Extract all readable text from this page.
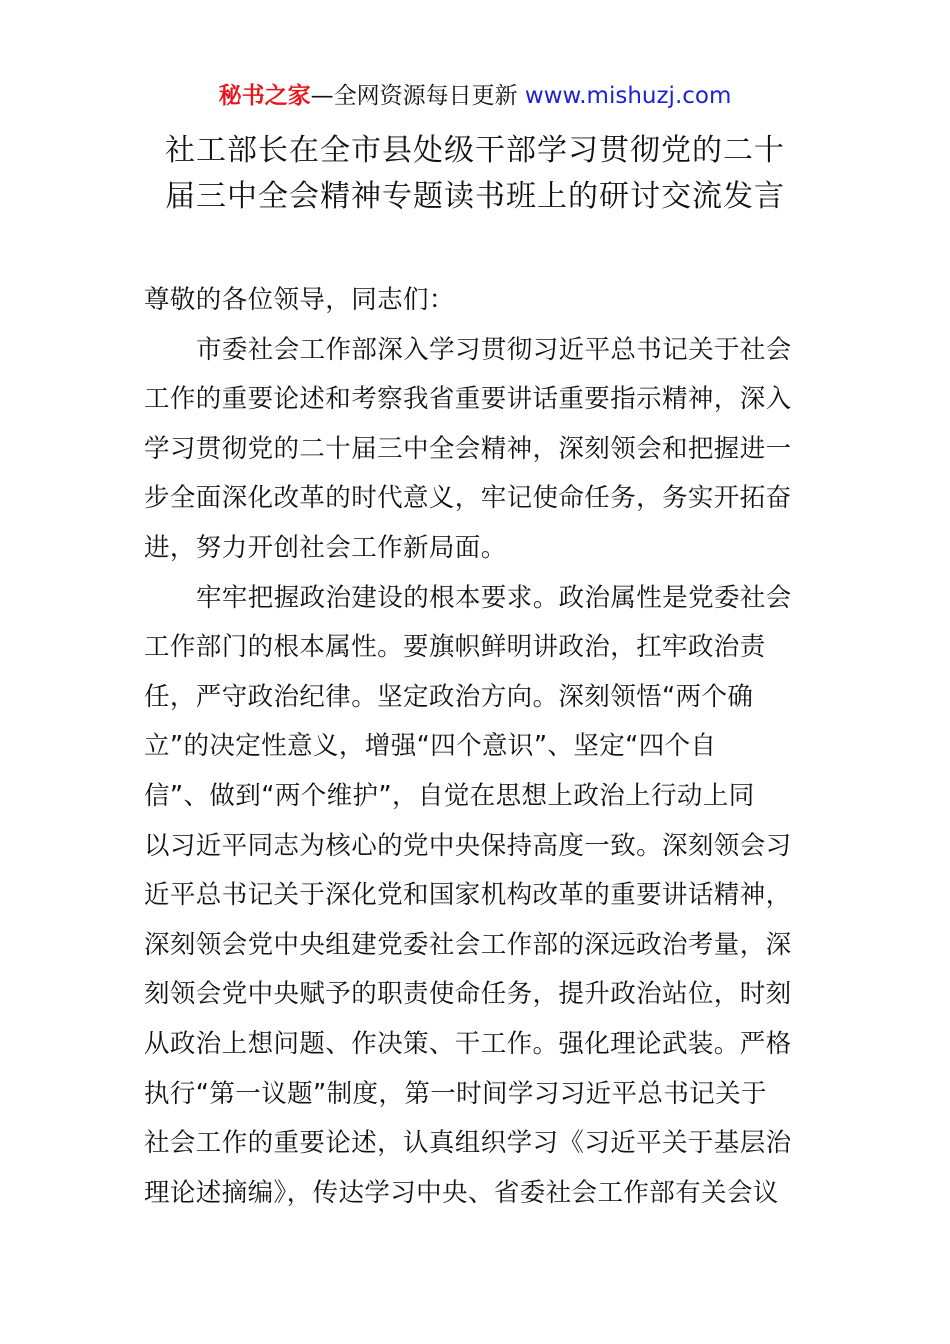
秘书之家—全网资源每日更新 www.mishuzj.com
社工部长在全市县处级干部学习贯彻党的二十
届三中全会精神专题读书班上的研讨交流发言
尊敬的各位领导，同志们：
市委社会工作部深入学习贯彻习近平总书记关于社会
工作的重要论述和考察我省重要讲话重要指示精神，深入
学习贯彻党的二十届三中全会精神，深刻领会和把握进一
步全面深化改革的时代意义，牢记使命任务，务实开拓奋
进，努力开创社会工作新局面。
牢牢把握政治建设的根本要求。政治属性是党委社会
工作部门的根本属性。要旗帜鲜明讲政治，扛牢政治责
任，严守政治纪律。坚定政治方向。深刻领悟“两个确
立”的决定性意义，增强“四个意识”、坚定“四个自
信”、做到“两个维护”，自觉在思想上政治上行动上同
以习近平同志为核心的党中央保持高度一致。深刻领会习
近平总书记关于深化党和国家机构改革的重要讲话精神，
深刻领会党中央组建党委社会工作部的深远政治考量，深
刻领会党中央赋予的职责使命任务，提升政治站位，时刻
从政治上想问题、作决策、干工作。强化理论武装。严格
执行“第一议题”制度，第一时间学习习近平总书记关于
社会工作的重要论述，认真组织学习《习近平关于基层治
理论述摘编》，传达学习中央、省委社会工作部有关会议
